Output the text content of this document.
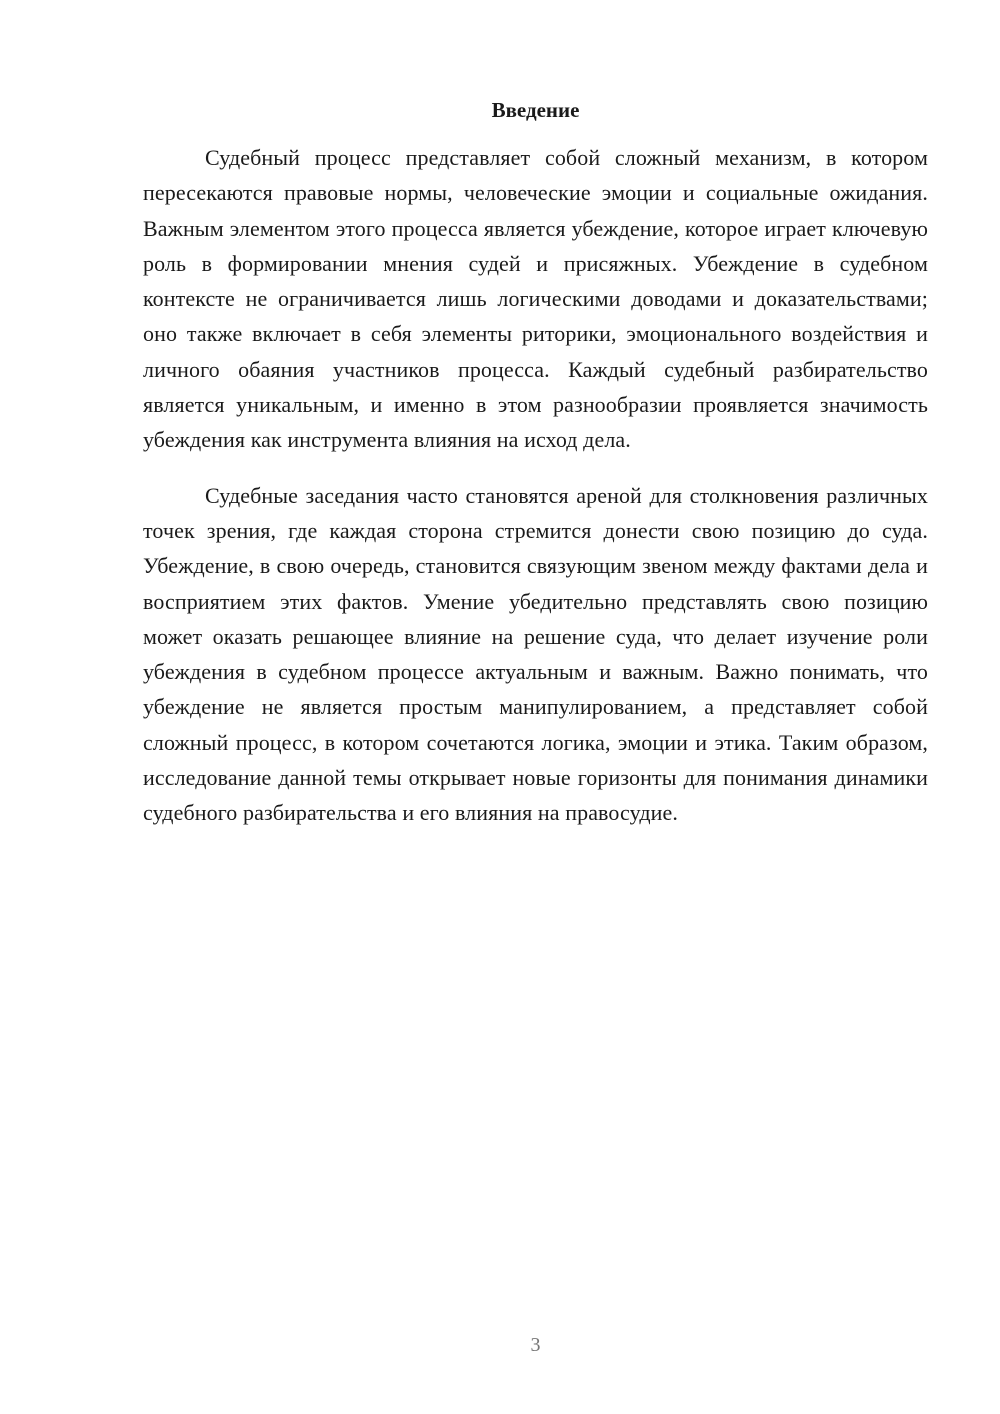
Введение

Судебный процесс представляет собой сложный механизм, в котором пересекаются правовые нормы, человеческие эмоции и социальные ожидания. Важным элементом этого процесса является убеждение, которое играет ключевую роль в формировании мнения судей и присяжных. Убеждение в судебном контексте не ограничивается лишь логическими доводами и доказательствами; оно также включает в себя элементы риторики, эмоционального воздействия и личного обаяния участников процесса. Каждый судебный разбирательство является уникальным, и именно в этом разнообразии проявляется значимость убеждения как инструмента влияния на исход дела.

Судебные заседания часто становятся ареной для столкновения различных точек зрения, где каждая сторона стремится донести свою позицию до суда. Убеждение, в свою очередь, становится связующим звеном между фактами дела и восприятием этих фактов. Умение убедительно представлять свою позицию может оказать решающее влияние на решение суда, что делает изучение роли убеждения в судебном процессе актуальным и важным. Важно понимать, что убеждение не является простым манипулированием, а представляет собой сложный процесс, в котором сочетаются логика, эмоции и этика. Таким образом, исследование данной темы открывает новые горизонты для понимания динамики судебного разбирательства и его влияния на правосудие.

3
